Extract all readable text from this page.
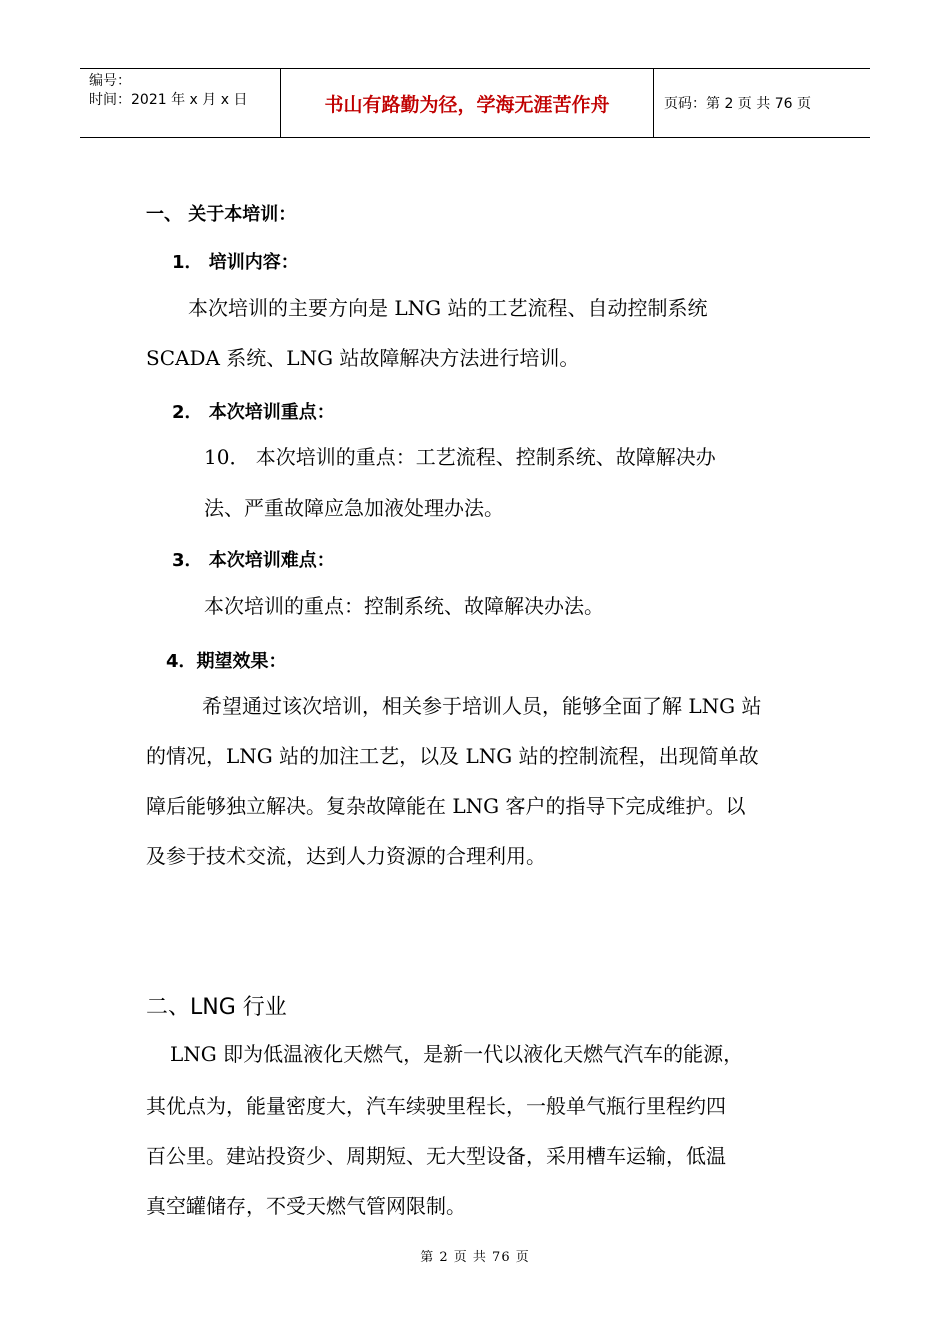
编号：
时间：2021 年 x 月 x 日	书山有路勤为径，学海无涯苦作舟	页码：第 2 页 共 76 页
一、 关于本培训：
1． 培训内容：
本次培训的主要方向是 LNG 站的工艺流程、自动控制系统
SCADA 系统、LNG 站故障解决方法进行培训。
2． 本次培训重点：
10． 本次培训的重点：工艺流程、控制系统、故障解决办
法、严重故障应急加液处理办法。
3． 本次培训难点：
本次培训的重点：控制系统、故障解决办法。
4．期望效果：
希望通过该次培训，相关参于培训人员，能够全面了解 LNG 站
的情况，LNG 站的加注工艺，以及 LNG 站的控制流程，出现简单故
障后能够独立解决。复杂故障能在 LNG 客户的指导下完成维护。以
及参于技术交流，达到人力资源的合理利用。
二、LNG 行业
LNG 即为低温液化天燃气，是新一代以液化天燃气汽车的能源，
其优点为，能量密度大，汽车续驶里程长，一般单气瓶行里程约四
百公里。建站投资少、周期短、无大型设备，采用槽车运输，低温
真空罐储存，不受天燃气管网限制。
第 2 页 共 76 页
